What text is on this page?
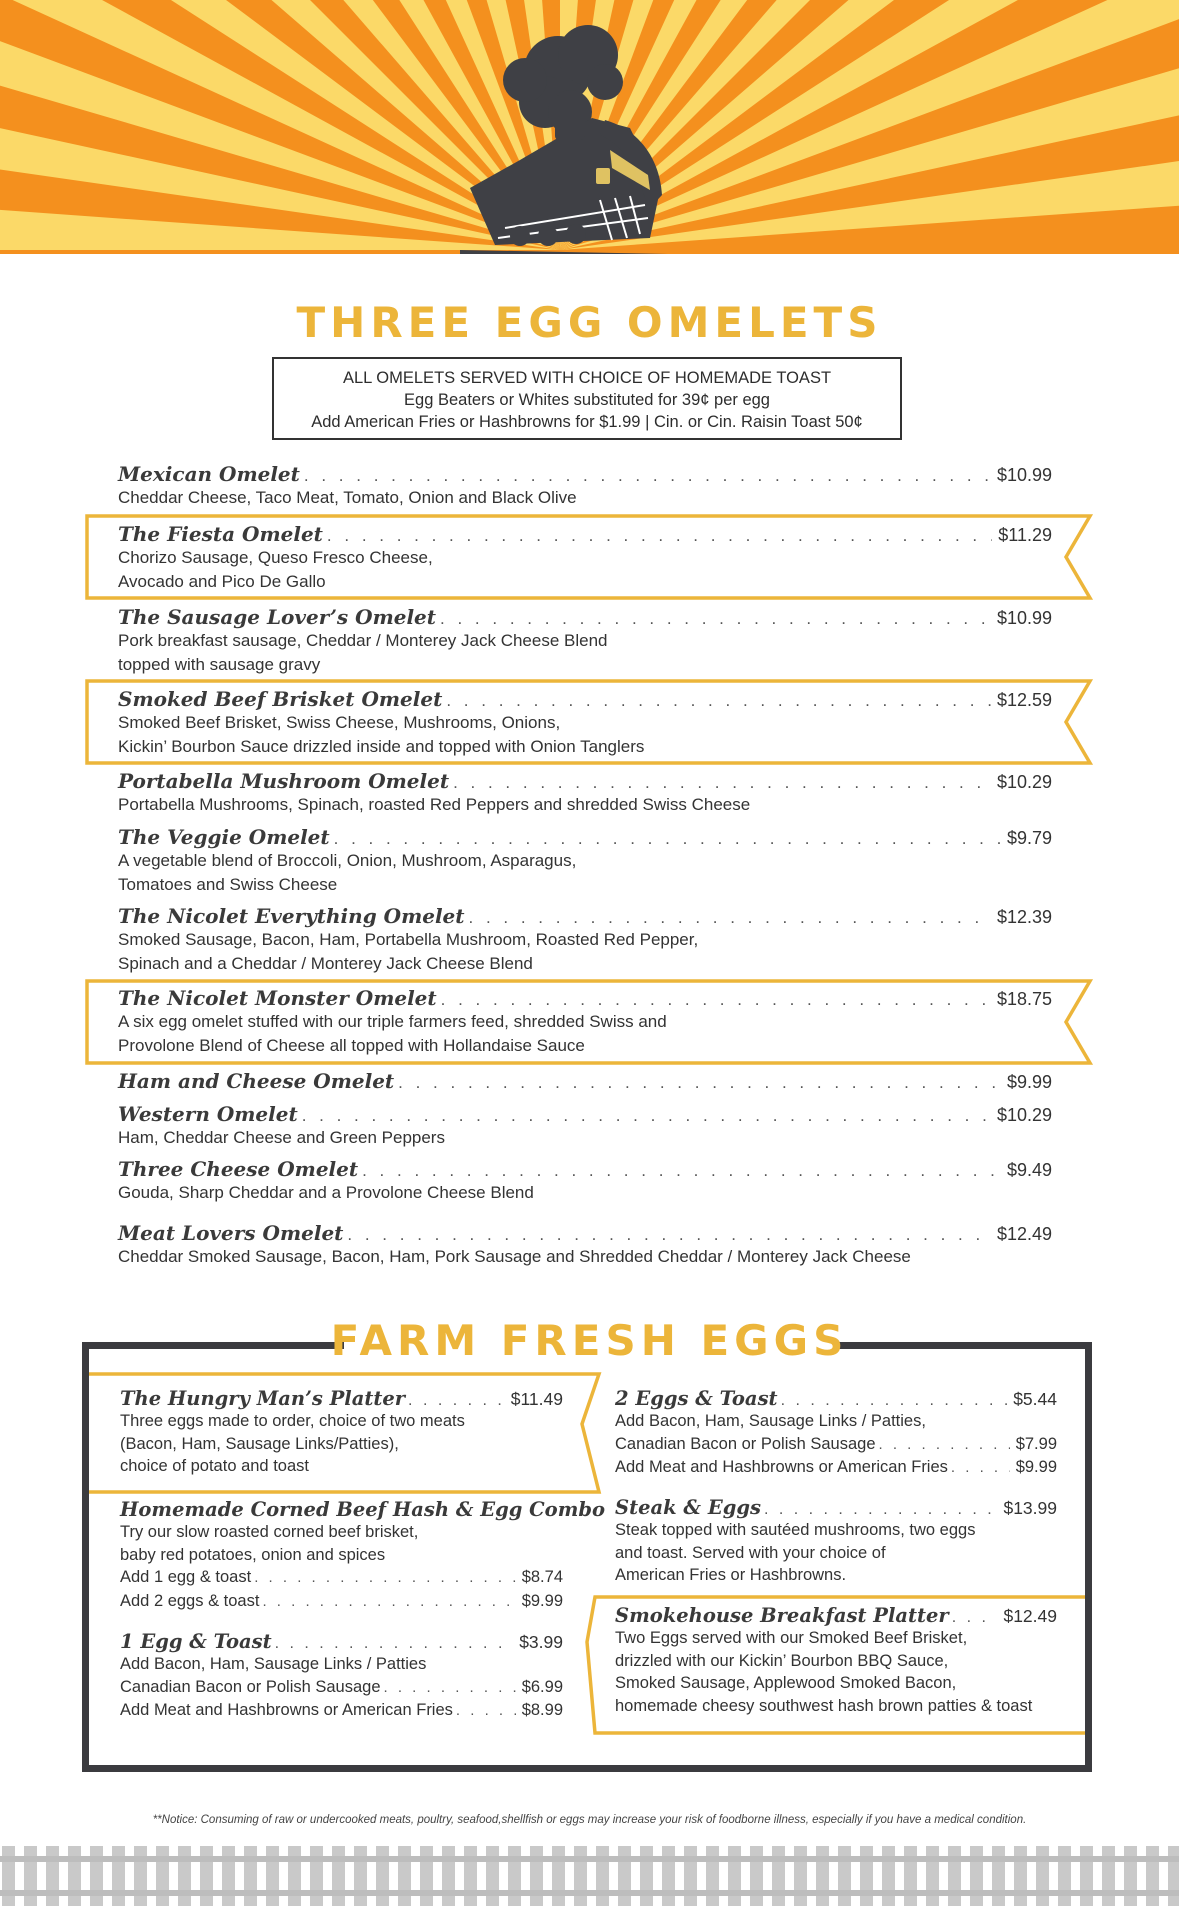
THREE EGG OMELETS
ALL OMELETS SERVED WITH CHOICE OF HOMEMADE TOAST
Egg Beaters or Whites substituted for 39¢ per egg
Add American Fries or Hashbrowns for $1.99 | Cin. or Cin. Raisin Toast 50¢
Mexican Omelet . . .	$10.99
Cheddar Cheese, Taco Meat, Tomato, Onion and Black Olive
The Fiesta Omelet . . .	$11.29
Chorizo Sausage, Queso Fresco Cheese,
Avocado and Pico De Gallo
The Sausage Lover’s Omelet . . .	$10.99
Pork breakfast sausage, Cheddar / Monterey Jack Cheese Blend
topped with sausage gravy
Smoked Beef Brisket Omelet . . .	$12.59
Smoked Beef Brisket, Swiss Cheese, Mushrooms, Onions,
Kickin’ Bourbon Sauce drizzled inside and topped with Onion Tanglers
Portabella Mushroom Omelet . . .	$10.29
Portabella Mushrooms, Spinach, roasted Red Peppers and shredded Swiss Cheese
The Veggie Omelet . . .	$9.79
A vegetable blend of Broccoli, Onion, Mushroom, Asparagus,
Tomatoes and Swiss Cheese
The Nicolet Everything Omelet . . .	$12.39
Smoked Sausage, Bacon, Ham, Portabella Mushroom, Roasted Red Pepper,
Spinach and a Cheddar / Monterey Jack Cheese Blend
The Nicolet Monster Omelet . . .	$18.75
A six egg omelet stuffed with our triple farmers feed, shredded Swiss and
Provolone Blend of Cheese all topped with Hollandaise Sauce
Ham and Cheese Omelet . . .	$9.99
Western Omelet . . .	$10.29
Ham, Cheddar Cheese and Green Peppers
Three Cheese Omelet . . .	$9.49
Gouda, Sharp Cheddar and a Provolone Cheese Blend
Meat Lovers Omelet . . .	$12.49
Cheddar Smoked Sausage, Bacon, Ham, Pork Sausage and Shredded Cheddar / Monterey Jack Cheese
FARM FRESH EGGS
The Hungry Man’s Platter . . .	$11.49
Three eggs made to order, choice of two meats
(Bacon, Ham, Sausage Links/Patties),
choice of potato and toast
Homemade Corned Beef Hash & Egg Combo
Try our slow roasted corned beef brisket,
baby red potatoes, onion and spices
Add 1 egg & toast . . .	$8.74
Add 2 eggs & toast . . .	$9.99
1 Egg & Toast . . .	$3.99
Add Bacon, Ham, Sausage Links / Patties
Canadian Bacon or Polish Sausage . . .	$6.99
Add Meat and Hashbrowns or American Fries . . .	$8.99
2 Eggs & Toast . . .	$5.44
Add Bacon, Ham, Sausage Links / Patties,
Canadian Bacon or Polish Sausage . . .	$7.99
Add Meat and Hashbrowns or American Fries . . .	$9.99
Steak & Eggs . . .	$13.99
Steak topped with sautéed mushrooms, two eggs
and toast. Served with your choice of
American Fries or Hashbrowns.
Smokehouse Breakfast Platter . . .	$12.49
Two Eggs served with our Smoked Beef Brisket,
drizzled with our Kickin’ Bourbon BBQ Sauce,
Smoked Sausage, Applewood Smoked Bacon,
homemade cheesy southwest hash brown patties & toast
**Notice: Consuming of raw or undercooked meats, poultry, seafood,shellfish or eggs may increase your risk of foodborne illness, especially if you have a medical condition.
